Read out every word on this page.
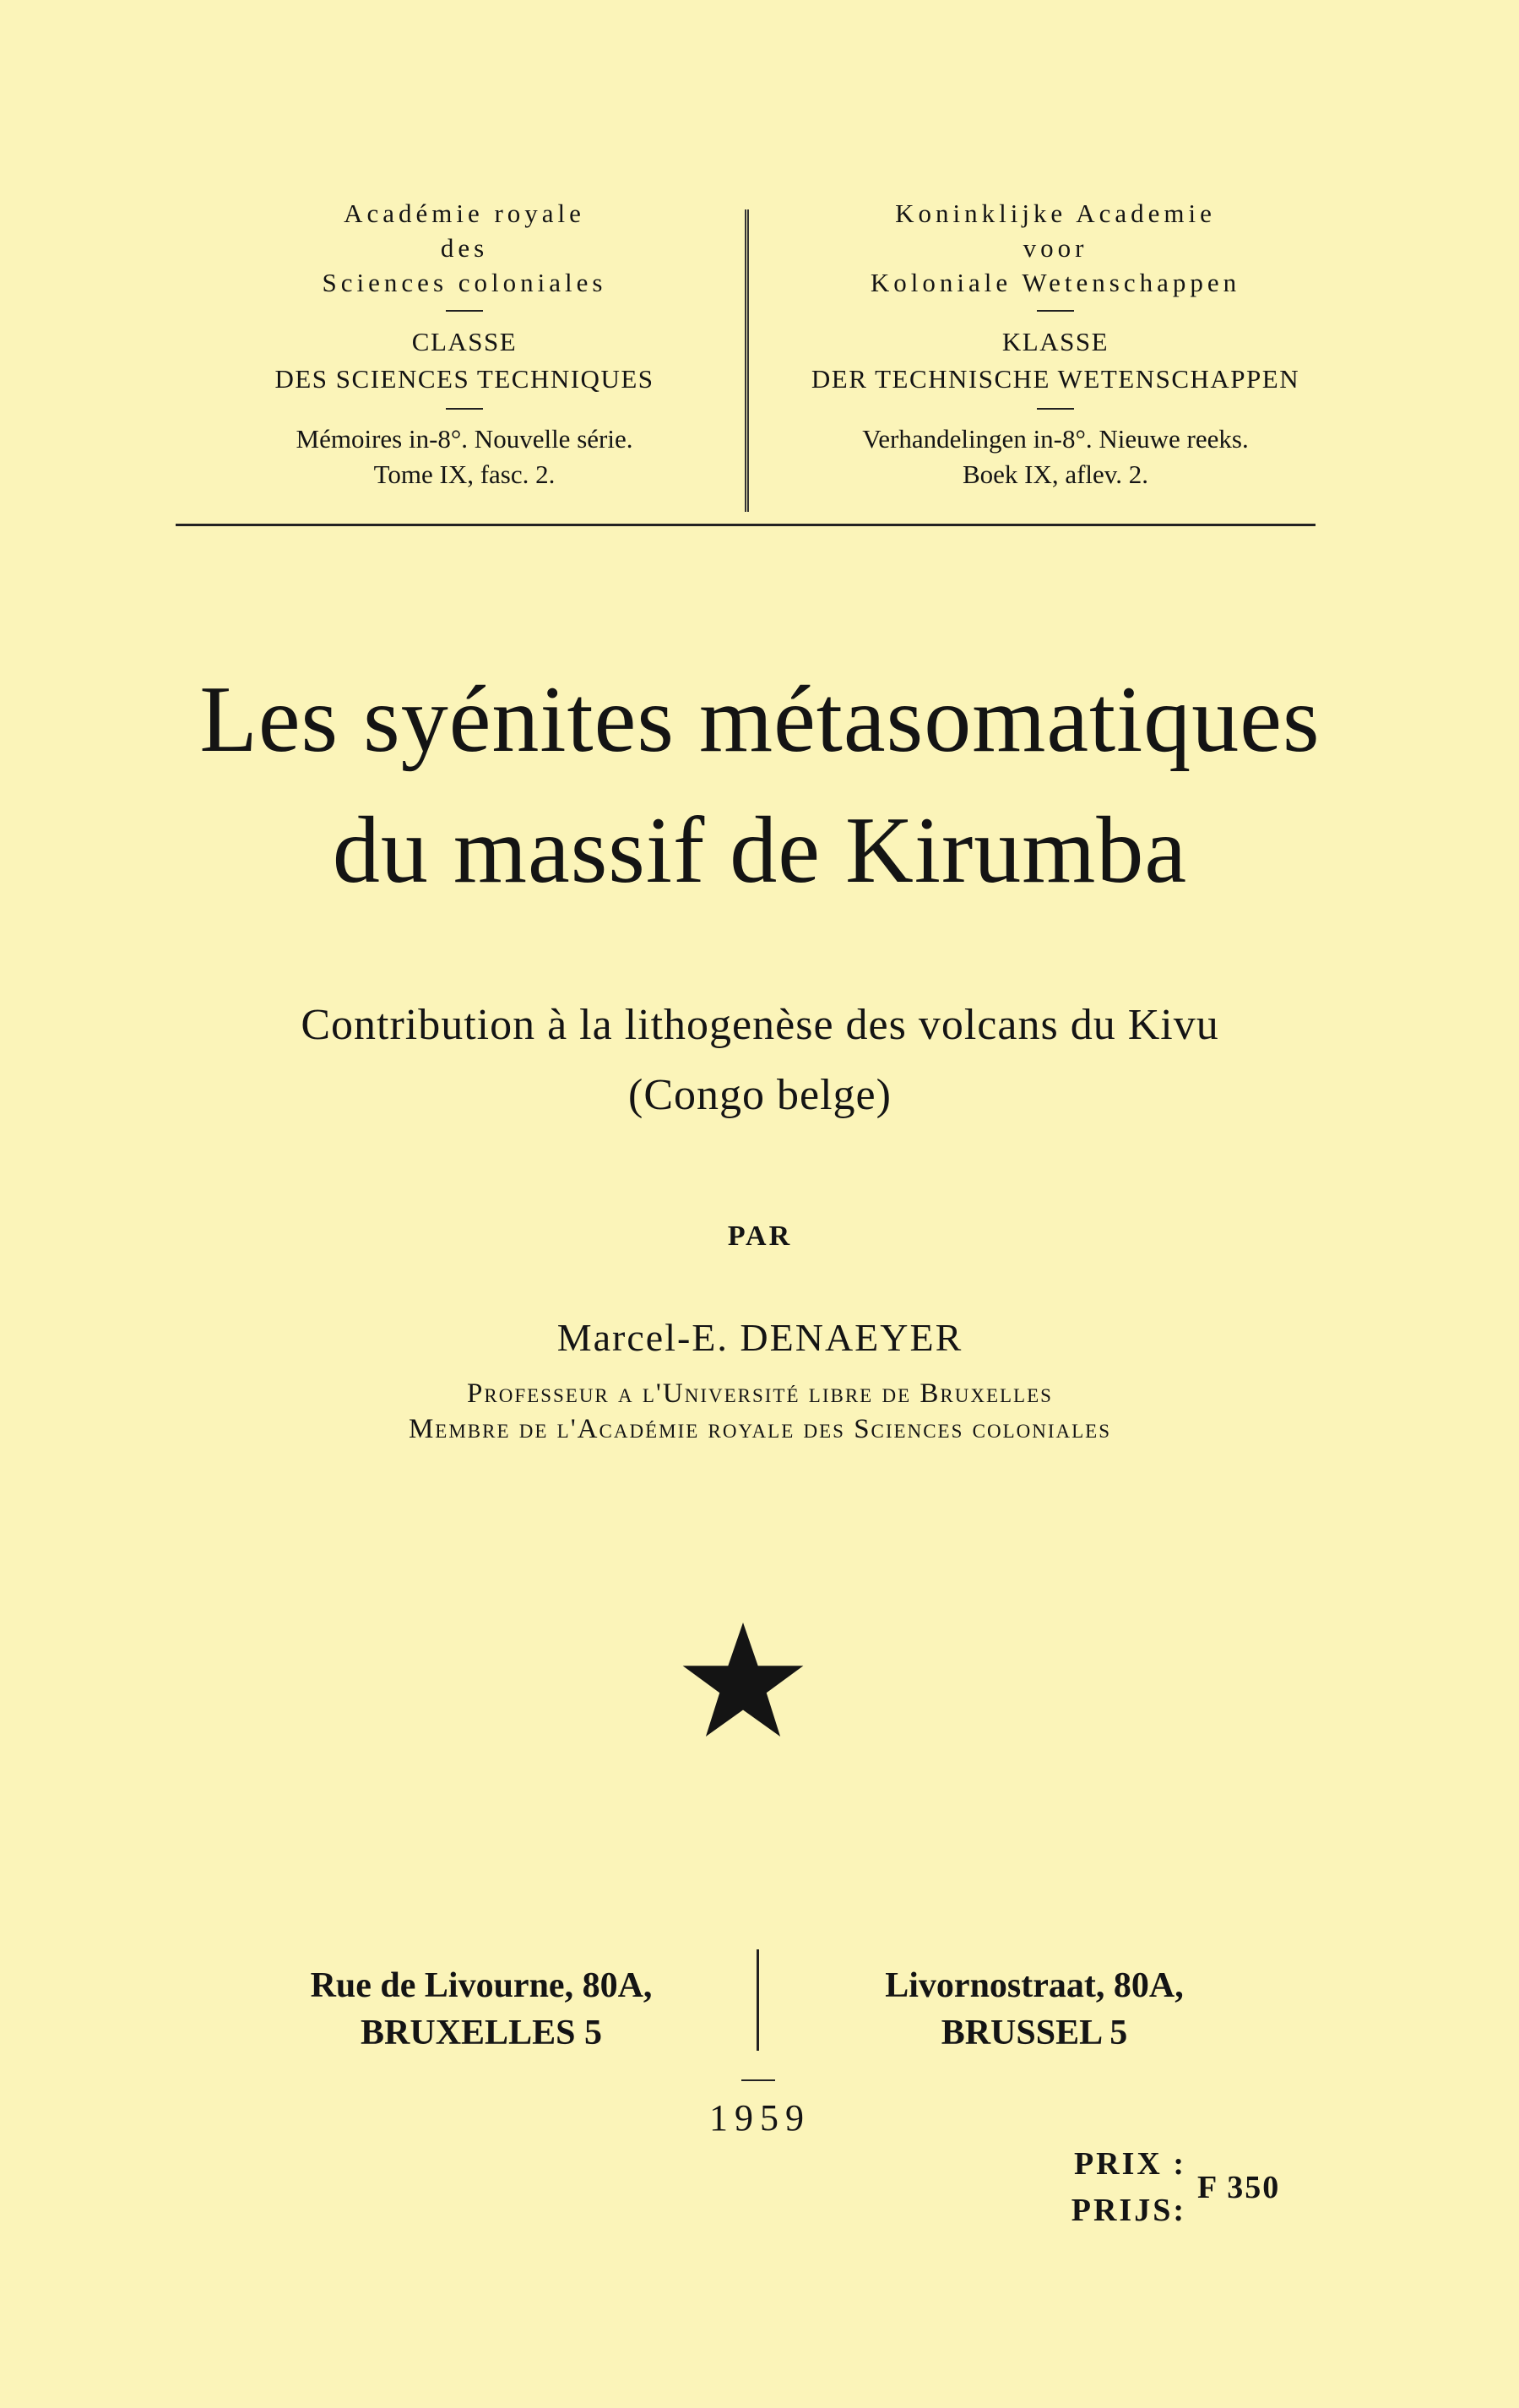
Académie royale
des
Sciences coloniales
CLASSE
DES SCIENCES TECHNIQUES
Mémoires in-8°. Nouvelle série.
Tome IX, fasc. 2.
Koninklijke Academie
voor
Koloniale Wetenschappen
KLASSE
DER TECHNISCHE WETENSCHAPPEN
Verhandelingen in-8°. Nieuwe reeks.
Boek IX, aflev. 2.
Les syénites métasomatiques
du massif de Kirumba
Contribution à la lithogenèse des volcans du Kivu
(Congo belge)
PAR
Marcel-E. DENAEYER
Professeur a l'Université libre de Bruxelles
Membre de l'Académie royale des Sciences coloniales
Rue de Livourne, 80A,
BRUXELLES 5
Livornostraat, 80A,
BRUSSEL 5
1959
PRIX :
PRIJS:
F 350
